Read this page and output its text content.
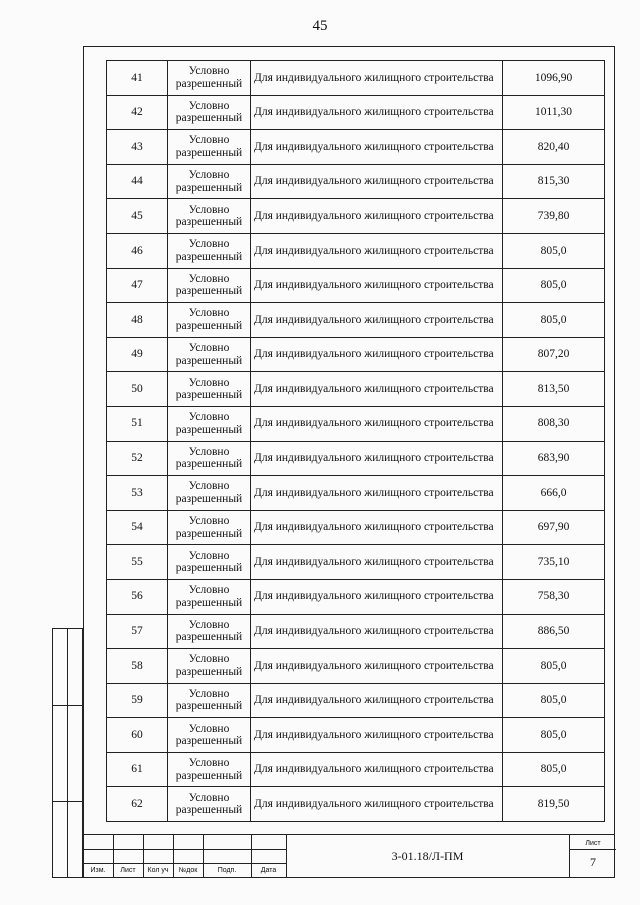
45
41	Условно разрешенный	Для индивидуального жилищного строительства	1096,90
42	Условно разрешенный	Для индивидуального жилищного строительства	1011,30
43	Условно разрешенный	Для индивидуального жилищного строительства	820,40
44	Условно разрешенный	Для индивидуального жилищного строительства	815,30
45	Условно разрешенный	Для индивидуального жилищного строительства	739,80
46	Условно разрешенный	Для индивидуального жилищного строительства	805,0
47	Условно разрешенный	Для индивидуального жилищного строительства	805,0
48	Условно разрешенный	Для индивидуального жилищного строительства	805,0
49	Условно разрешенный	Для индивидуального жилищного строительства	807,20
50	Условно разрешенный	Для индивидуального жилищного строительства	813,50
51	Условно разрешенный	Для индивидуального жилищного строительства	808,30
52	Условно разрешенный	Для индивидуального жилищного строительства	683,90
53	Условно разрешенный	Для индивидуального жилищного строительства	666,0
54	Условно разрешенный	Для индивидуального жилищного строительства	697,90
55	Условно разрешенный	Для индивидуального жилищного строительства	735,10
56	Условно разрешенный	Для индивидуального жилищного строительства	758,30
57	Условно разрешенный	Для индивидуального жилищного строительства	886,50
58	Условно разрешенный	Для индивидуального жилищного строительства	805,0
59	Условно разрешенный	Для индивидуального жилищного строительства	805,0
60	Условно разрешенный	Для индивидуального жилищного строительства	805,0
61	Условно разрешенный	Для индивидуального жилищного строительства	805,0
62	Условно разрешенный	Для индивидуального жилищного строительства	819,50
Изм.	Лист	Кол уч	№док	Подп.	Дата
3-01.18/Л-ПМ
Лист
7
